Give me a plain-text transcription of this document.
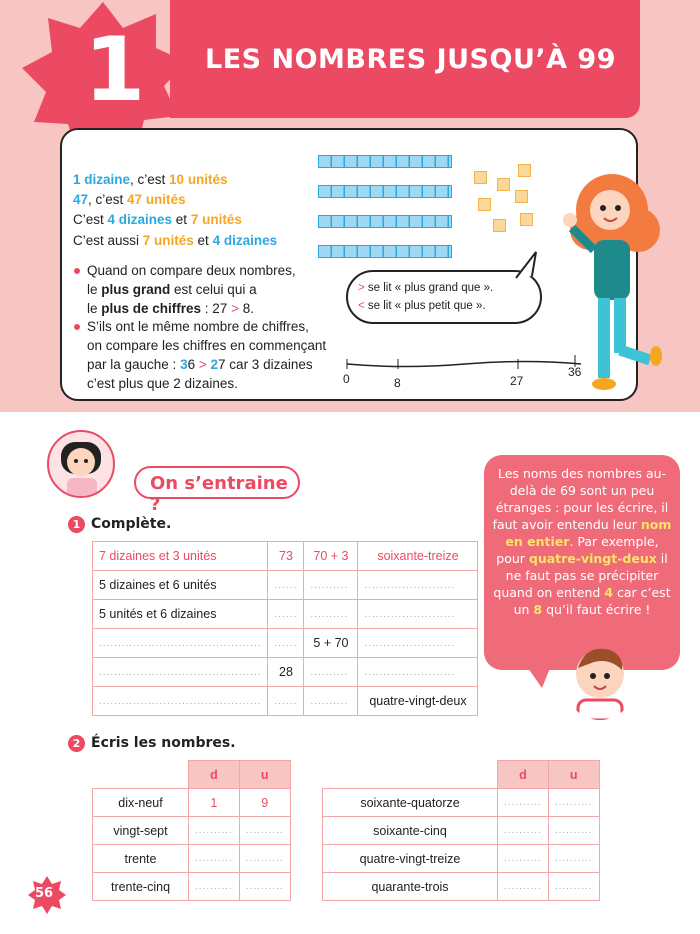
1 LES NOMBRES JUSQU’À 99
1 dizaine, c’est 10 unités
47, c’est 47 unités
C’est 4 dizaines et 7 unités
C’est aussi 7 unités et 4 dizaines
Quand on compare deux nombres,
le plus grand est celui qui a
le plus de chiffres : 27 > 8.
S’ils ont le même nombre de chiffres,
on compare les chiffres en commençant
par la gauche : 36 > 27 car 3 dizaines
c’est plus que 2 dizaines.
> se lit « plus grand que ».
< se lit « plus petit que ».
0	8	27
36
On s’entraine ?
1 Complète.
7 dizaines et 3 unités	73	70 + 3	soixante-treize
5 dizaines et 6 unités	......	..........	........................
5 unités et 6 dizaines	......	..........	........................
...........................................	......	5 + 70	........................
...........................................	28	..........	........................
...........................................	......	..........	quatre-vingt-deux
Les noms des nombres au-delà de 69 sont un peu étranges : pour les écrire, il faut avoir entendu leur nom en entier. Par exemple, pour quatre-vingt-deux il ne faut pas se précipiter quand on entend 4 car c’est un 8 qu’il faut écrire !
2 Écris les nombres.
	d	u
dix-neuf	1	9
vingt-sept	..........	..........
trente	..........	..........
trente-cinq	..........	..........
	d	u
soixante-quatorze	..........	..........
soixante-cinq	..........	..........
quatre-vingt-treize	..........	..........
quarante-trois	..........	..........
56
